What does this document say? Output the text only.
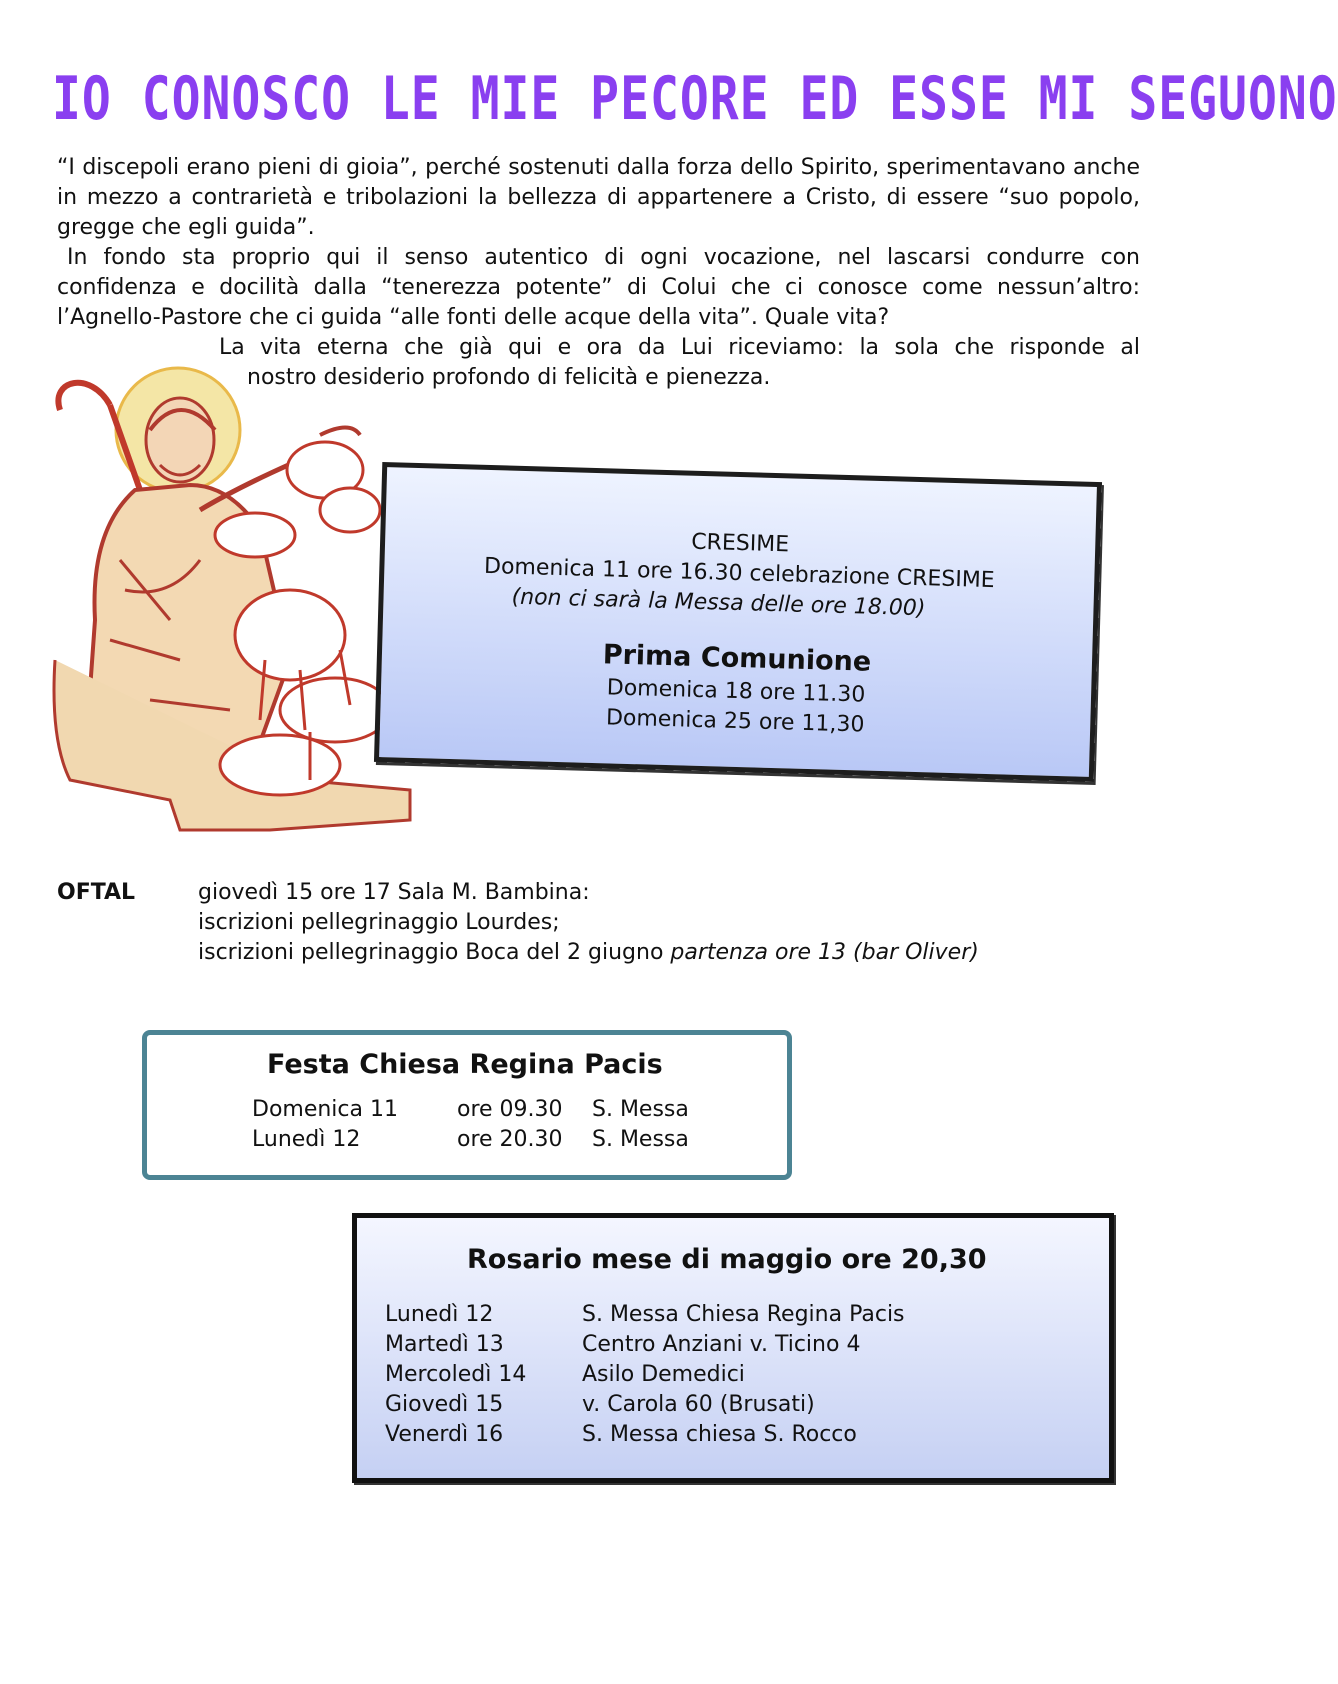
IO CONOSCO LE MIE PECORE ED ESSE MI SEGUONO

“I discepoli erano pieni di gioia”, perché sostenuti dalla forza dello Spirito, sperimentavano anche in mezzo a contrarietà e tribolazioni la bellezza di appartenere a Cristo, di essere “suo popolo, gregge che egli guida”.

In fondo sta proprio qui il senso autentico di ogni vocazione, nel lascarsi condurre con confidenza e docilità dalla “tenerezza potente” di Colui che ci conosce come nessun’altro: l’Agnello-Pastore che ci guida “alle fonti delle acque della vita”. Quale vita?

La vita eterna che già qui e ora da Lui riceviamo: la sola che risponde al

nostro desiderio profondo di felicità e pienezza.

CRESIME
Domenica 11 ore 16.30 celebrazione CRESIME
(non ci sarà la Messa delle ore 18.00)
Prima Comunione
Domenica 18 ore 11.30
Domenica 25 ore 11,30
OFTAL	giovedì 15 ore 17 Sala M. Bambina:
iscrizioni pellegrinaggio Lourdes;
iscrizioni pellegrinaggio Boca del 2 giugno partenza ore 13 (bar Oliver)
Festa Chiesa Regina Pacis
Domenica 11	ore 09.30 S. Messa
Lunedì 12	ore 20.30 S. Messa
Rosario mese di maggio ore 20,30
Lunedì 12	S. Messa Chiesa Regina Pacis
Martedì 13	Centro Anziani v. Ticino 4
Mercoledì 14	Asilo Demedici
Giovedì 15	v. Carola 60 (Brusati)
Venerdì 16	S. Messa chiesa S. Rocco
